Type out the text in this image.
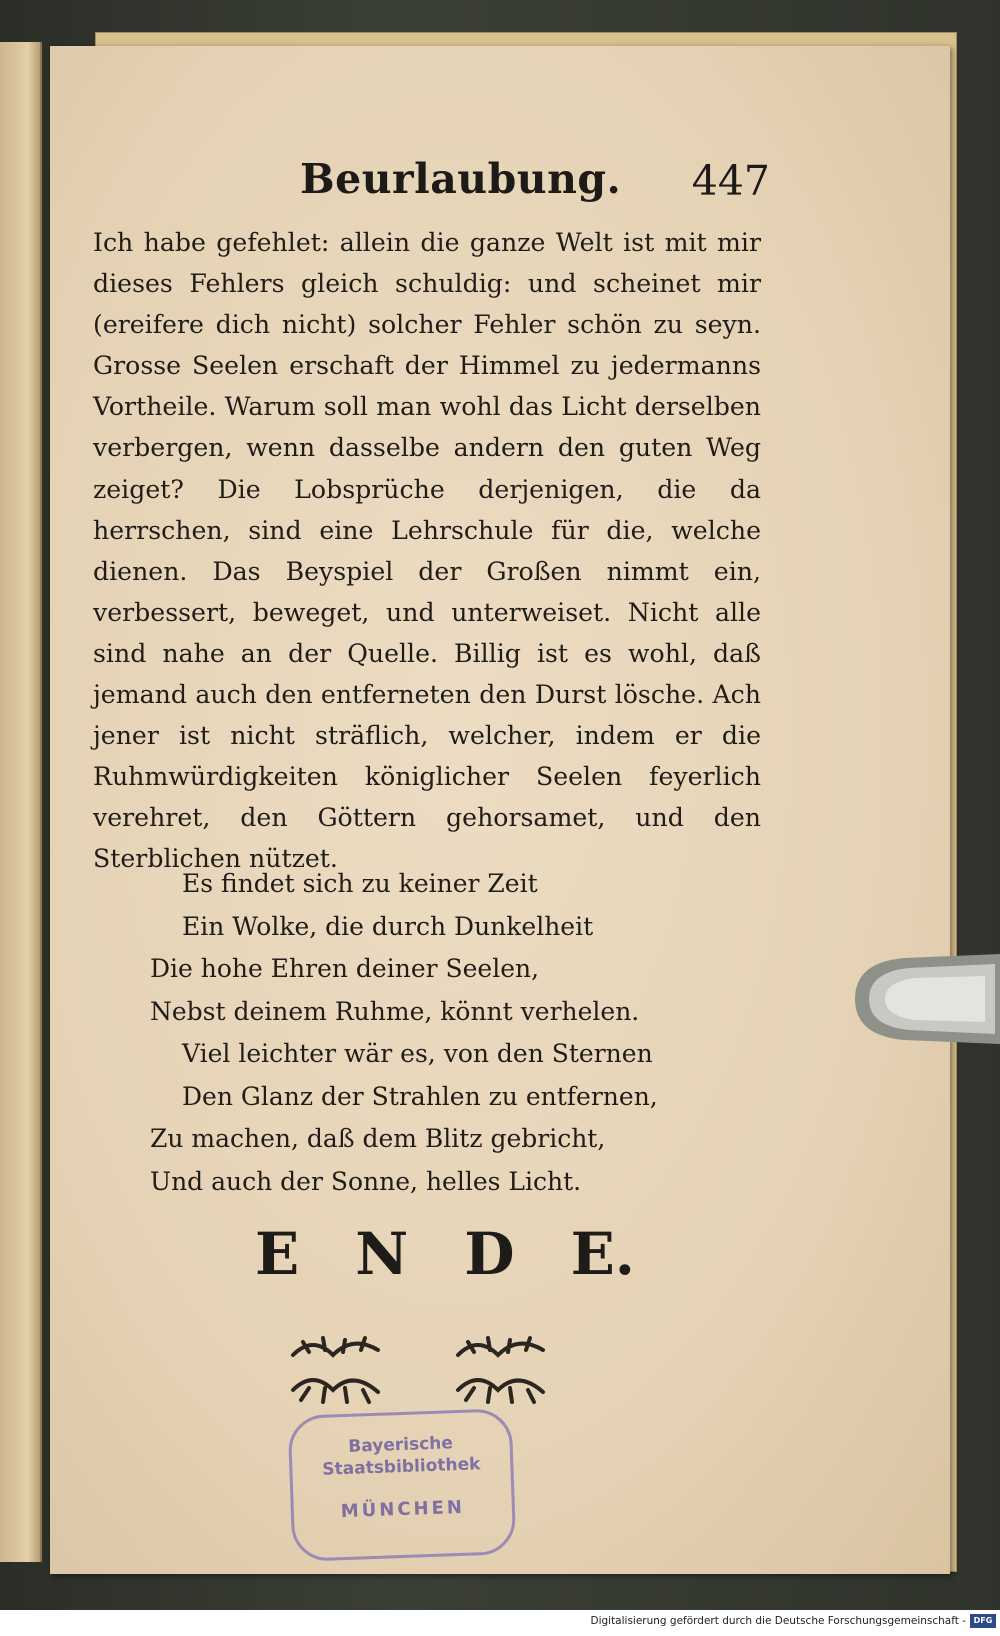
Beurlaubung. 447

Ich habe gefehlet: allein die ganze Welt ist mit mir dieses Fehlers gleich schuldig: und scheinet mir (ereifere dich nicht) solcher Fehler schön zu seyn. Grosse Seelen erschaft der Himmel zu jedermanns Vortheile. Warum soll man wohl das Licht derselben verbergen, wenn dasselbe andern den guten Weg zeiget? Die Lobsprüche derjenigen, die da herrschen, sind eine Lehrschule für die, welche dienen. Das Beyspiel der Großen nimmt ein, verbessert, beweget, und unterweiset. Nicht alle sind nahe an der Quelle. Billig ist es wohl, daß jemand auch den entferneten den Durst lösche. Ach jener ist nicht sträflich, welcher, indem er die Ruhmwürdigkeiten königlicher Seelen feyerlich verehret, den Göttern gehorsamet, und den Sterblichen nützet.

Es findet sich zu keiner Zeit
Ein Wolke, die durch Dunkelheit
Die hohe Ehren deiner Seelen,
Nebst deinem Ruhme, könnt verhelen.
Viel leichter wär es, von den Sternen
Den Glanz der Strahlen zu entfernen,
Zu machen, daß dem Blitz gebricht,
Und auch der Sonne, helles Licht.
E N D E.
Bayerische
Staatsbibliothek
MÜNCHEN
Digitalisierung gefördert durch die Deutsche Forschungsgemeinschaft - DFG
